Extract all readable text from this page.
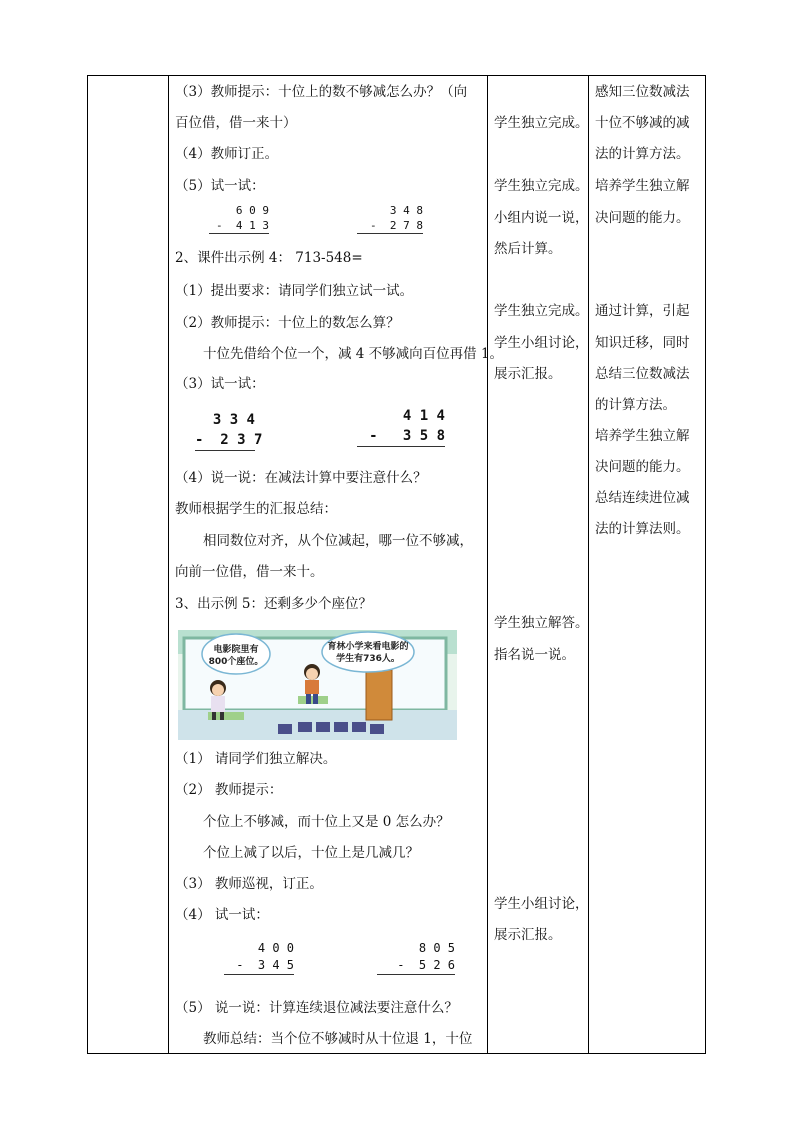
（3）教师提示：十位上的数不够减怎么办？（向
百位借，借一来十）
（4）教师订正。
（5）试一试：
6 0 9
-  4 1 3
3 4 8
-  2 7 8
2、课件出示例 4： 713-548=
（1）提出要求：请同学们独立试一试。
（2）教师提示：十位上的数怎么算？
十位先借给个位一个，减 4 不够减向百位再借 1。
（3）试一试：
3 3 4
-  2 3 7
4 1 4
-   3 5 8
（4）说一说：在减法计算中要注意什么？
教师根据学生的汇报总结：
相同数位对齐，从个位减起，哪一位不够减，
向前一位借，借一来十。
3、出示例 5：还剩多少个座位？
电影院里有
800个座位。
育林小学来看电影的
学生有736人。
（1） 请同学们独立解决。
（2） 教师提示：
个位上不够减，而十位上又是 0 怎么办？
个位上减了以后，十位上是几减几？
（3） 教师巡视，订正。
（4） 试一试：
4 0 0
-  3 4 5
8 0 5
-  5 2 6
（5） 说一说：计算连续退位减法要注意什么？
教师总结：当个位不够减时从十位退 1，十位
学生独立完成。
学生独立完成。
小组内说一说，
然后计算。
学生独立完成。
学生小组讨论，
展示汇报。
学生独立解答。
指名说一说。
学生小组讨论，
展示汇报。
感知三位数减法
十位不够减的减
法的计算方法。
培养学生独立解
决问题的能力。
通过计算，引起
知识迁移，同时
总结三位数减法
的计算方法。
培养学生独立解
决问题的能力。
总结连续进位减
法的计算法则。
